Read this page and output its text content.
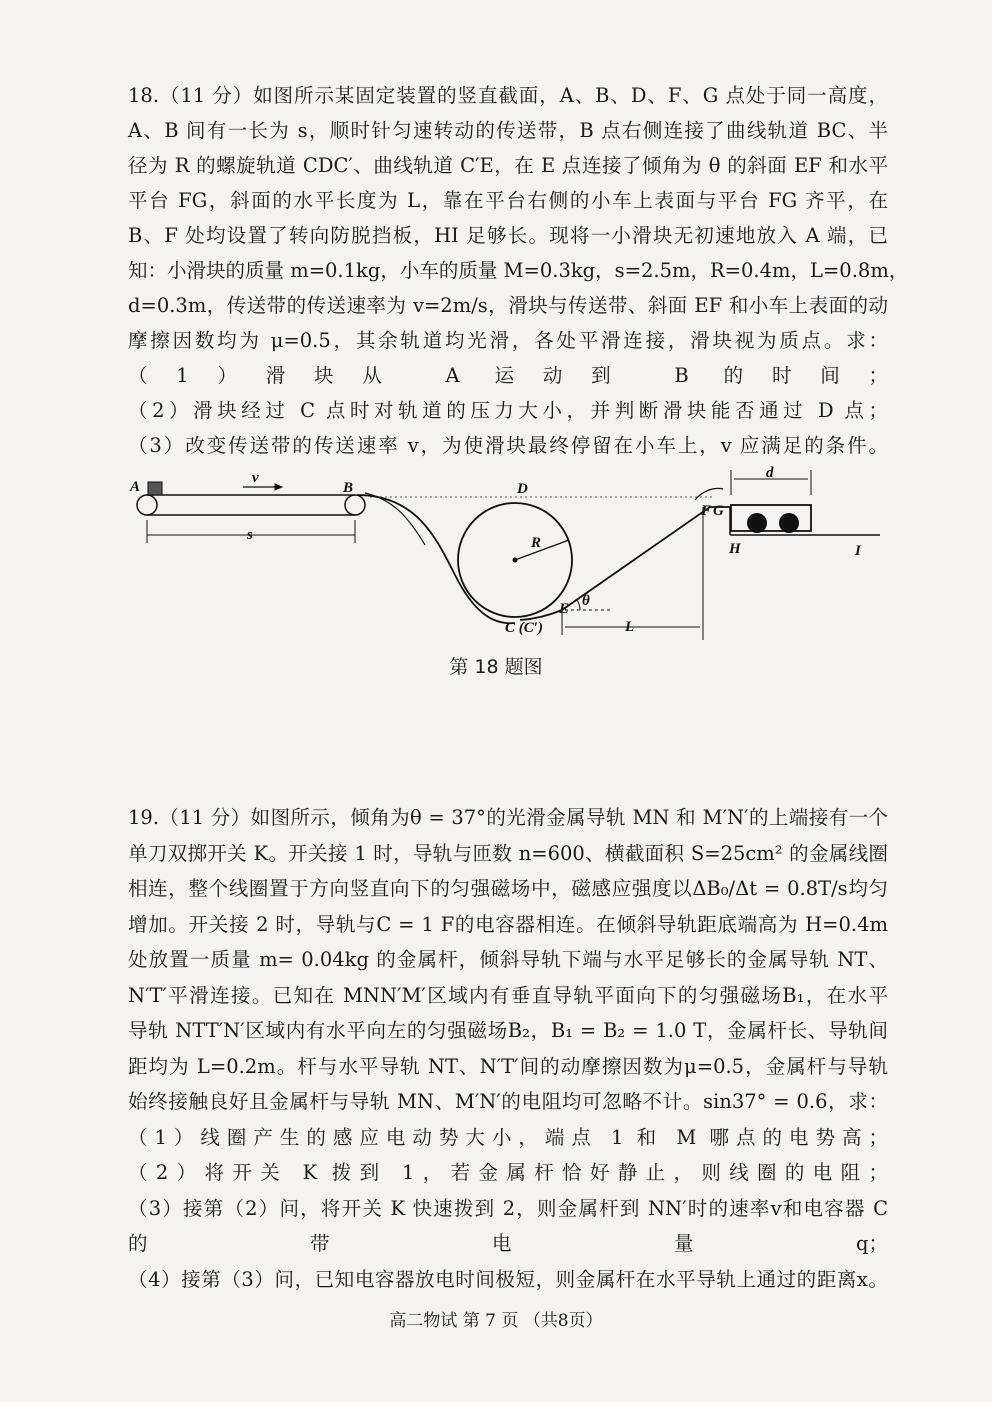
18.（11 分）如图所示某固定装置的竖直截面，A、B、D、F、G 点处于同一高度，
A、B 间有一长为 s，顺时针匀速转动的传送带，B 点右侧连接了曲线轨道 BC、半
径为 R 的螺旋轨道 CDC′、曲线轨道 C′E，在 E 点连接了倾角为 θ 的斜面 EF 和水平
平台 FG，斜面的水平长度为 L，靠在平台右侧的小车上表面与平台 FG 齐平，在
B、F 处均设置了转向防脱挡板，HI 足够长。现将一小滑块无初速地放入 A 端，已
知：小滑块的质量 m=0.1kg，小车的质量 M=0.3kg，s=2.5m，R=0.4m，L=0.8m，
d=0.3m，传送带的传送速率为 v=2m/s，滑块与传送带、斜面 EF 和小车上表面的动
摩擦因数均为 μ=0.5，其余轨道均光滑，各处平滑连接，滑块视为质点。求：
（1）滑块从 A 运动到 B 的时间；
（2）滑块经过 C 点时对轨道的压力大小，并判断滑块能否通过 D 点；
（3）改变传送带的传送速率 v，为使滑块最终停留在小车上，v 应满足的条件。
A	B
v
s
D
R
C (C′)
E θ
L
F G
H	I
d
第 18 题图
19.（11 分）如图所示，倾角为θ = 37°的光滑金属导轨 MN 和 M′N′的上端接有一个
单刀双掷开关 K。开关接 1 时，导轨与匝数 n=600、横截面积 S=25cm² 的金属线圈
相连，整个线圈置于方向竖直向下的匀强磁场中，磁感应强度以ΔB₀/Δt = 0.8T/s均匀
增加。开关接 2 时，导轨与C = 1 F的电容器相连。在倾斜导轨距底端高为 H=0.4m
处放置一质量 m= 0.04kg 的金属杆，倾斜导轨下端与水平足够长的金属导轨 NT、
N′T′平滑连接。已知在 MNN′M′区域内有垂直导轨平面向下的匀强磁场B₁，在水平
导轨 NTT′N′区域内有水平向左的匀强磁场B₂，B₁ = B₂ = 1.0 T，金属杆长、导轨间
距均为 L=0.2m。杆与水平导轨 NT、N′T′间的动摩擦因数为μ=0.5，金属杆与导轨
始终接触良好且金属杆与导轨 MN、M′N′的电阻均可忽略不计。sin37° = 0.6，求：
（1）线圈产生的感应电动势大小，端点 1 和 M 哪点的电势高；
（2）将开关 K 拨到 1，若金属杆恰好静止，则线圈的电阻；
（3）接第（2）问，将开关 K 快速拨到 2，则金属杆到 NN′时的速率v和电容器 C
的带电量q；
（4）接第（3）问，已知电容器放电时间极短，则金属杆在水平导轨上通过的距离x。
高二物试 第 7 页 （共8页）
